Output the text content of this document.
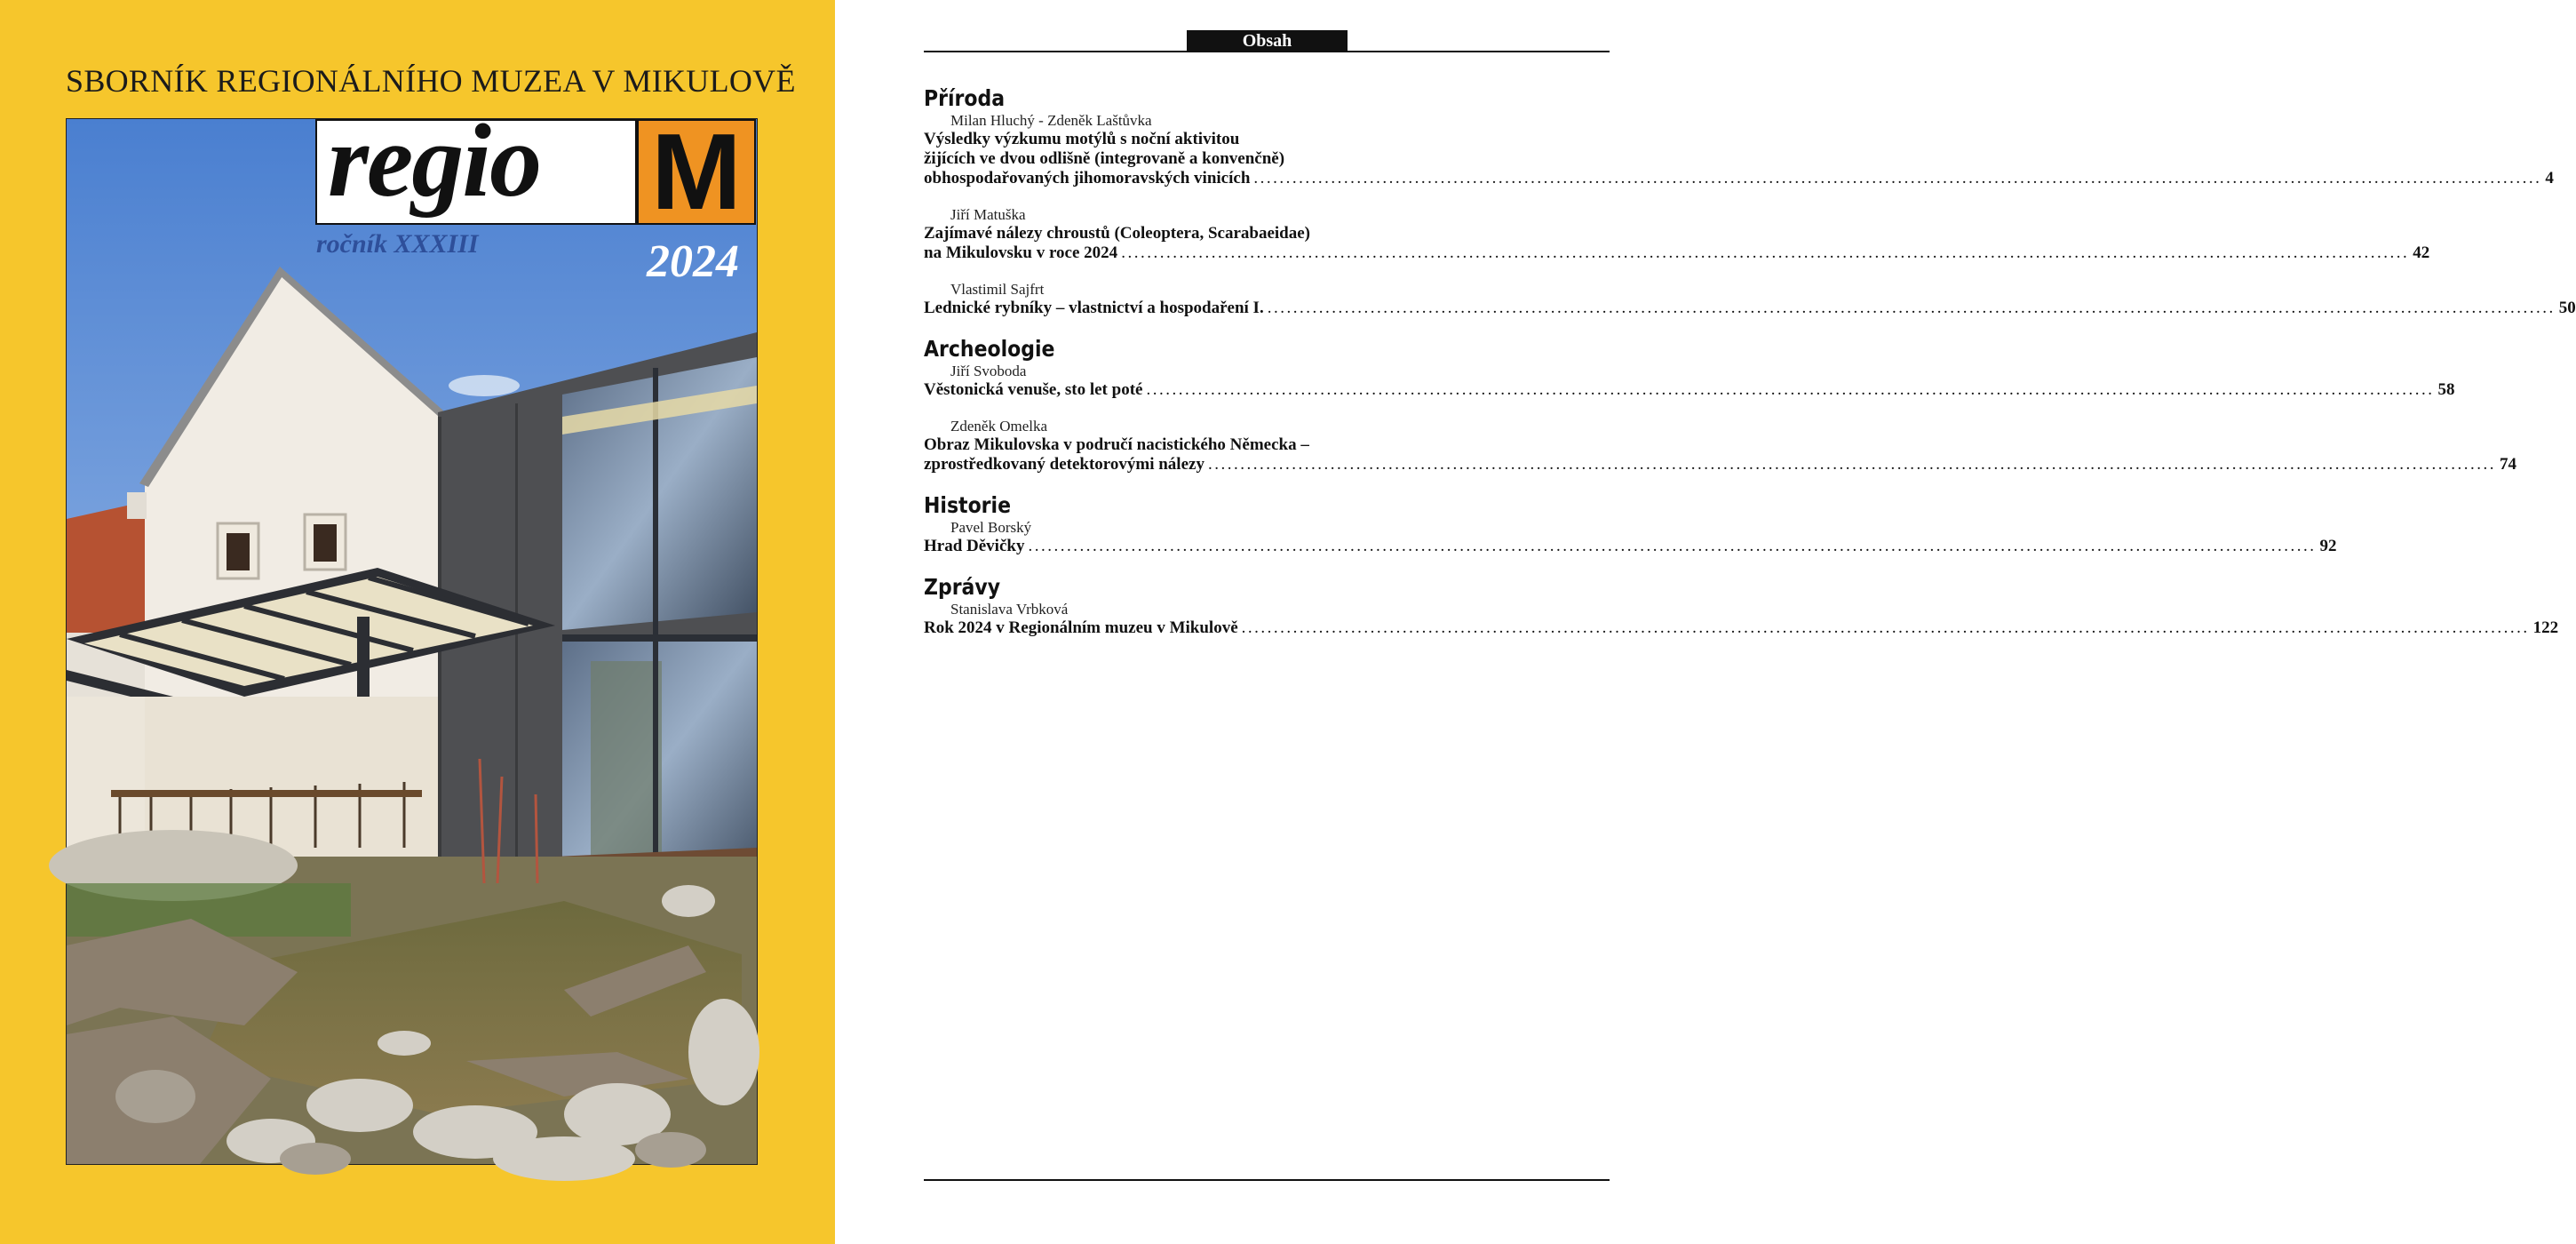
SBORNÍK REGIONÁLNÍHO MUZEA V MIKULOVĚ
regio M
ročník XXXIII	2024
Obsah
Příroda
Milan Hluchý - Zdeněk Laštůvka
Výsledky výzkumu motýlů s noční aktivitou
žijících ve dvou odlišně (integrovaně a konvenčně)
obhospodařovaných jihomoravských vinicích ........................................................................................................................................................................................................ 4
Jiří Matuška
Zajímavé nálezy chroustů (Coleoptera, Scarabaeidae)
na Mikulovsku v roce 2024 ........................................................................................................................................................................................................ 42
Vlastimil Sajfrt
Lednické rybníky – vlastnictví a hospodaření I. ........................................................................................................................................................................................................ 50
Archeologie
Jiří Svoboda
Věstonická venuše, sto let poté ........................................................................................................................................................................................................ 58
Zdeněk Omelka
Obraz Mikulovska v područí nacistického Německa –
zprostředkovaný detektorovými nálezy ........................................................................................................................................................................................................ 74
Historie
Pavel Borský
Hrad Děvičky ........................................................................................................................................................................................................ 92
Zprávy
Stanislava Vrbková
Rok 2024 v Regionálním muzeu v Mikulově ........................................................................................................................................................................................................ 122
